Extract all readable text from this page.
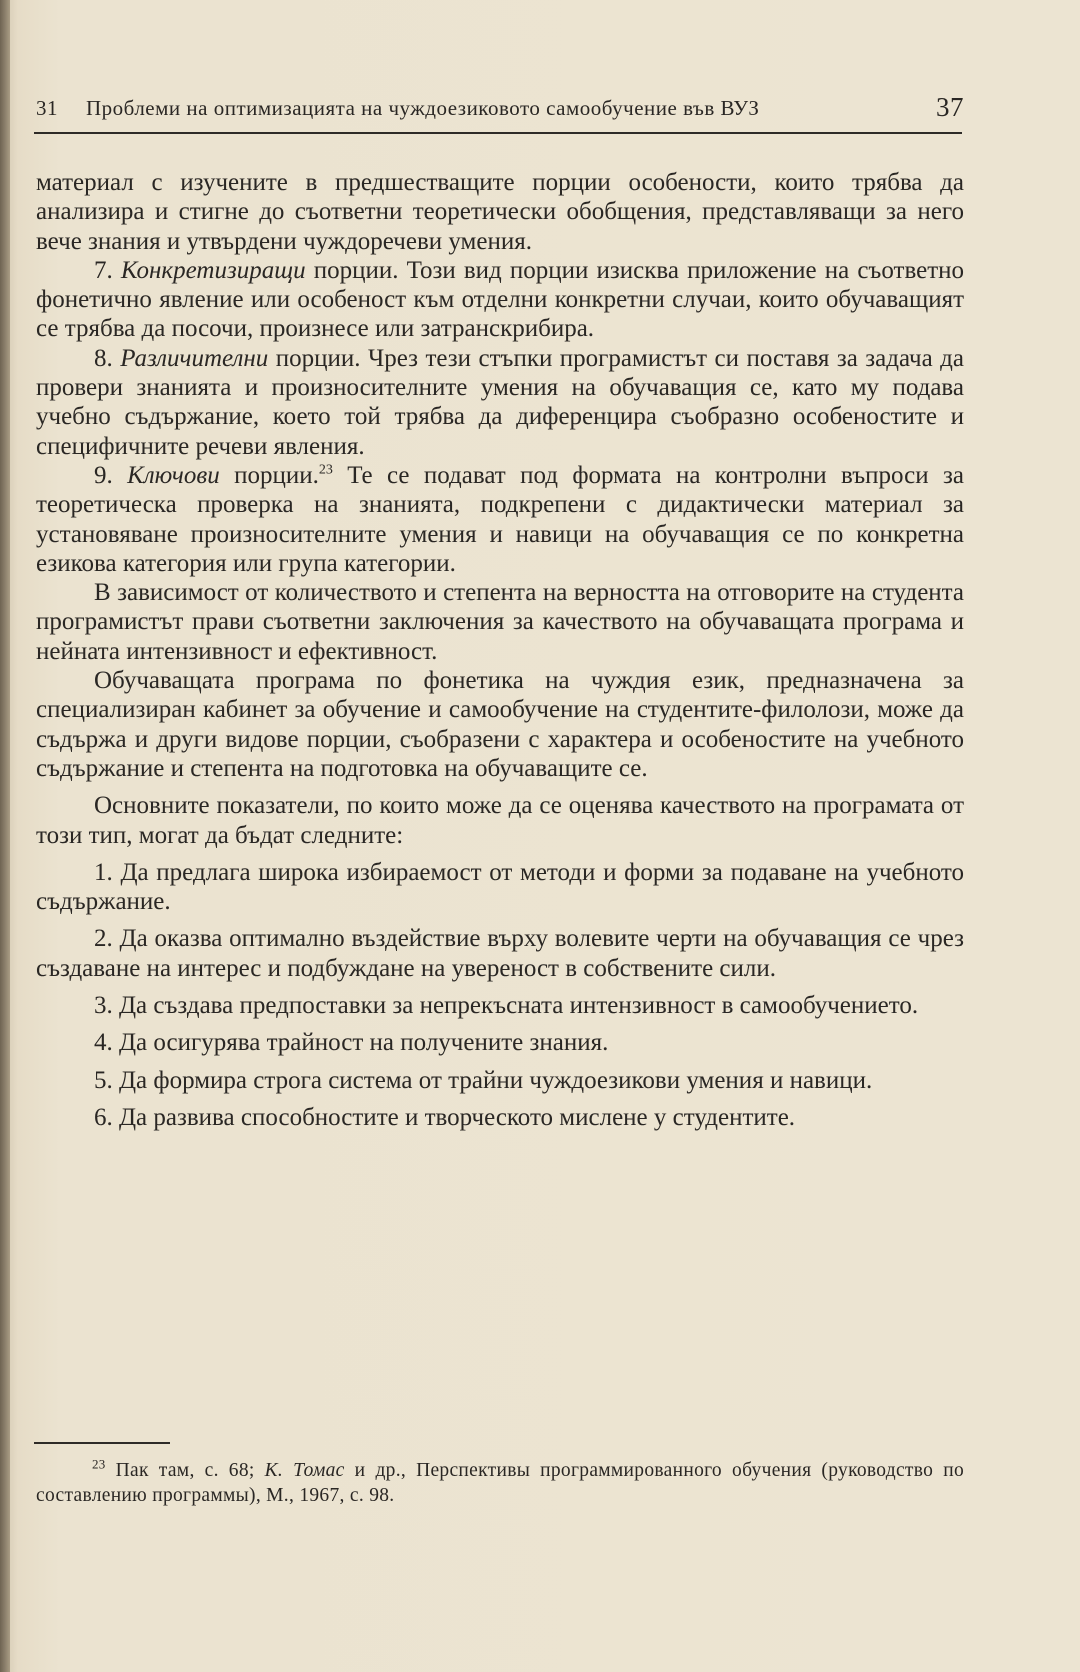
31 Проблеми на оптимизацията на чуждоезиковото самообучение във ВУЗ	37

материал с изучените в предшестващите порции особености, които трябва да анализира и стигне до съответни теоретически обобщения, представляващи за него вече знания и утвърдени чуждоречеви умения.

7. Конкретизиращи порции. Този вид порции изисква приложение на съответно фонетично явление или особеност към отделни конкретни случаи, които обучаващият се трябва да посочи, произнесе или затранскрибира.

8. Различителни порции. Чрез тези стъпки програмистът си поставя за задача да провери знанията и произносителните умения на обучаващия се, като му подава учебно съдържание, което той трябва да диференцира съобразно особеностите и специфичните речеви явления.

9. Ключови порции.$^{23}$ Те се подават под формата на контролни въпроси за теоретическа проверка на знанията, подкрепени с дидактически материал за установяване произносителните умения и навици на обучаващия се по конкретна езикова категория или група категории.

В зависимост от количеството и степента на верността на отговорите на студента програмистът прави съответни заключения за качеството на обучаващата програма и нейната интензивност и ефективност.

Обучаващата програма по фонетика на чуждия език, предназначена за специализиран кабинет за обучение и самообучение на студентите-филолози, може да съдържа и други видове порции, съобразени с характера и особеностите на учебното съдържание и степента на подготовка на обучаващите се.

Основните показатели, по които може да се оценява качеството на програмата от този тип, могат да бъдат следните:

1. Да предлага широка избираемост от методи и форми за подаване на учебното съдържание.

2. Да оказва оптимално въздействие върху волевите черти на обучаващия се чрез създаване на интерес и подбуждане на увереност в собствените сили.

3. Да създава предпоставки за непрекъсната интензивност в самообучението.

4. Да осигурява трайност на получените знания.

5. Да формира строга система от трайни чуждоезикови умения и навици.

6. Да развива способностите и творческото мислене у студентите.

$^{23}$ Пак там, с. 68; К. Томас и др., Перспективы программированного обучения (руководство по составлению программы), М., 1967, с. 98.
